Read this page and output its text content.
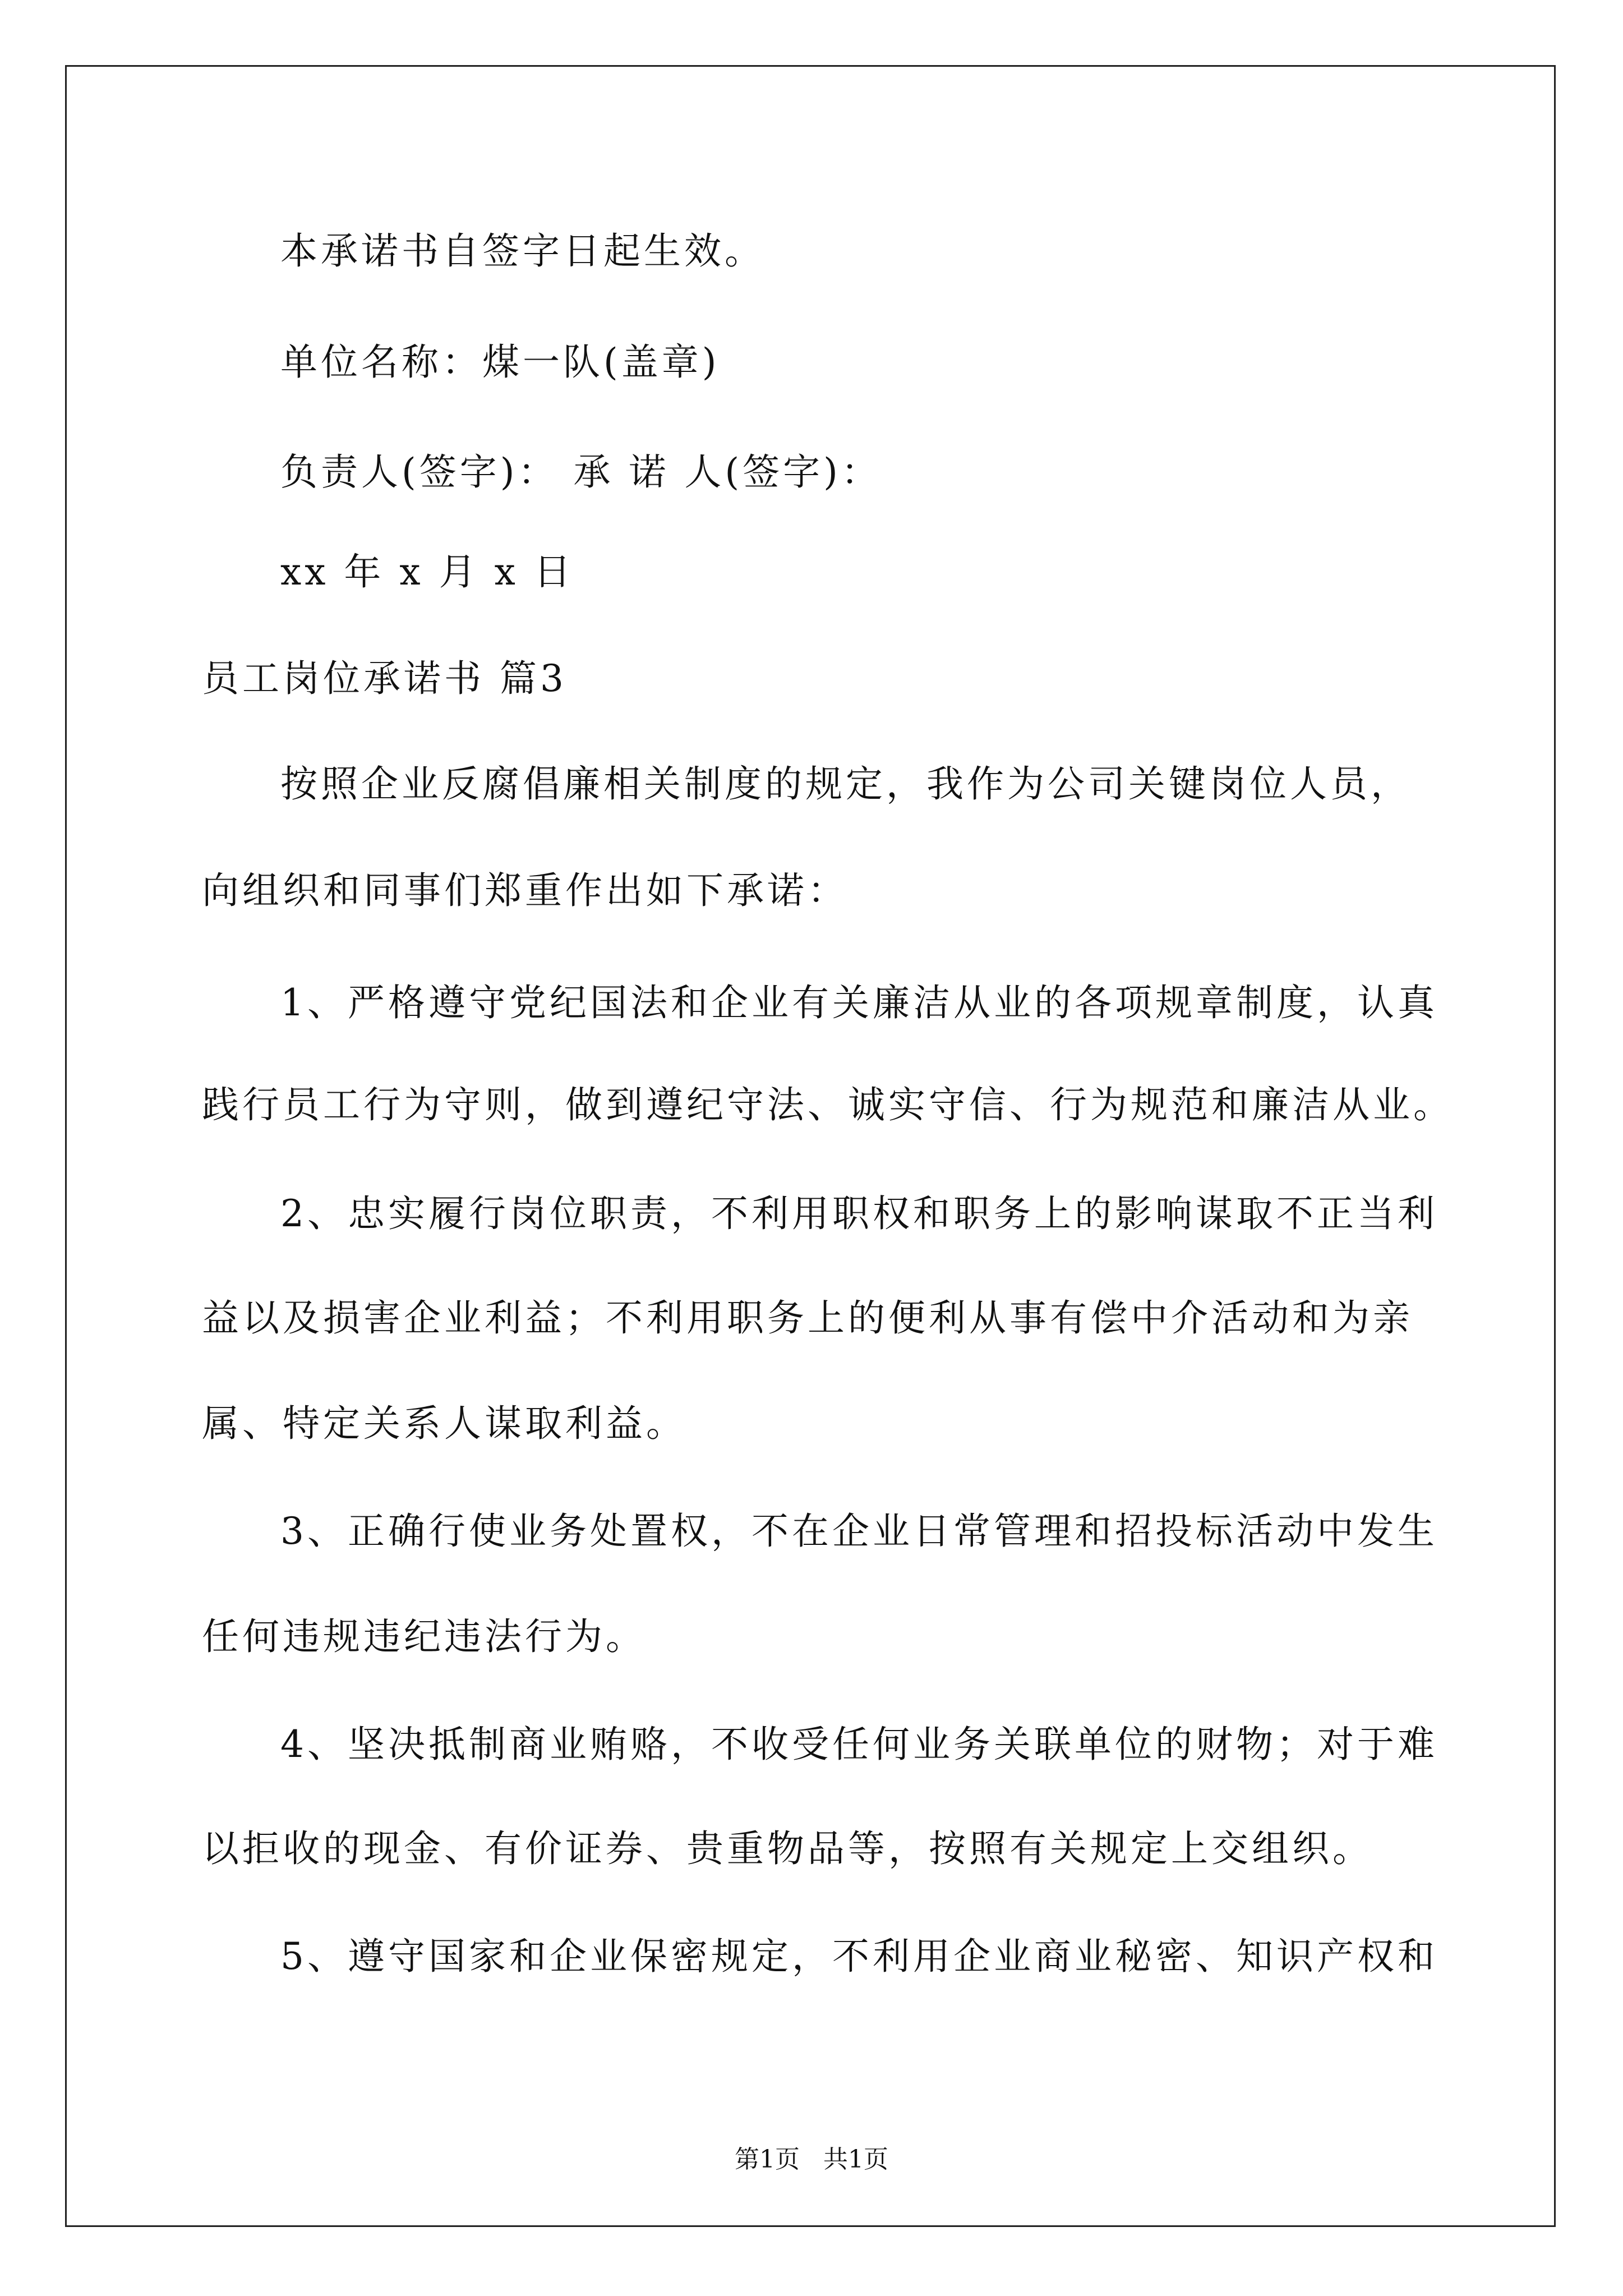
本承诺书自签字日起生效。
单位名称：煤一队(盖章)
负责人(签字)： 承 诺 人(签字)：
xx 年 x 月 x 日
员工岗位承诺书 篇3
按照企业反腐倡廉相关制度的规定，我作为公司关键岗位人员，
向组织和同事们郑重作出如下承诺：
1、严格遵守党纪国法和企业有关廉洁从业的各项规章制度，认真
践行员工行为守则，做到遵纪守法、诚实守信、行为规范和廉洁从业。
2、忠实履行岗位职责，不利用职权和职务上的影响谋取不正当利
益以及损害企业利益；不利用职务上的便利从事有偿中介活动和为亲
属、特定关系人谋取利益。
3、正确行使业务处置权，不在企业日常管理和招投标活动中发生
任何违规违纪违法行为。
4、坚决抵制商业贿赂，不收受任何业务关联单位的财物；对于难
以拒收的现金、有价证券、贵重物品等，按照有关规定上交组织。
5、遵守国家和企业保密规定，不利用企业商业秘密、知识产权和
第1页   共1页
